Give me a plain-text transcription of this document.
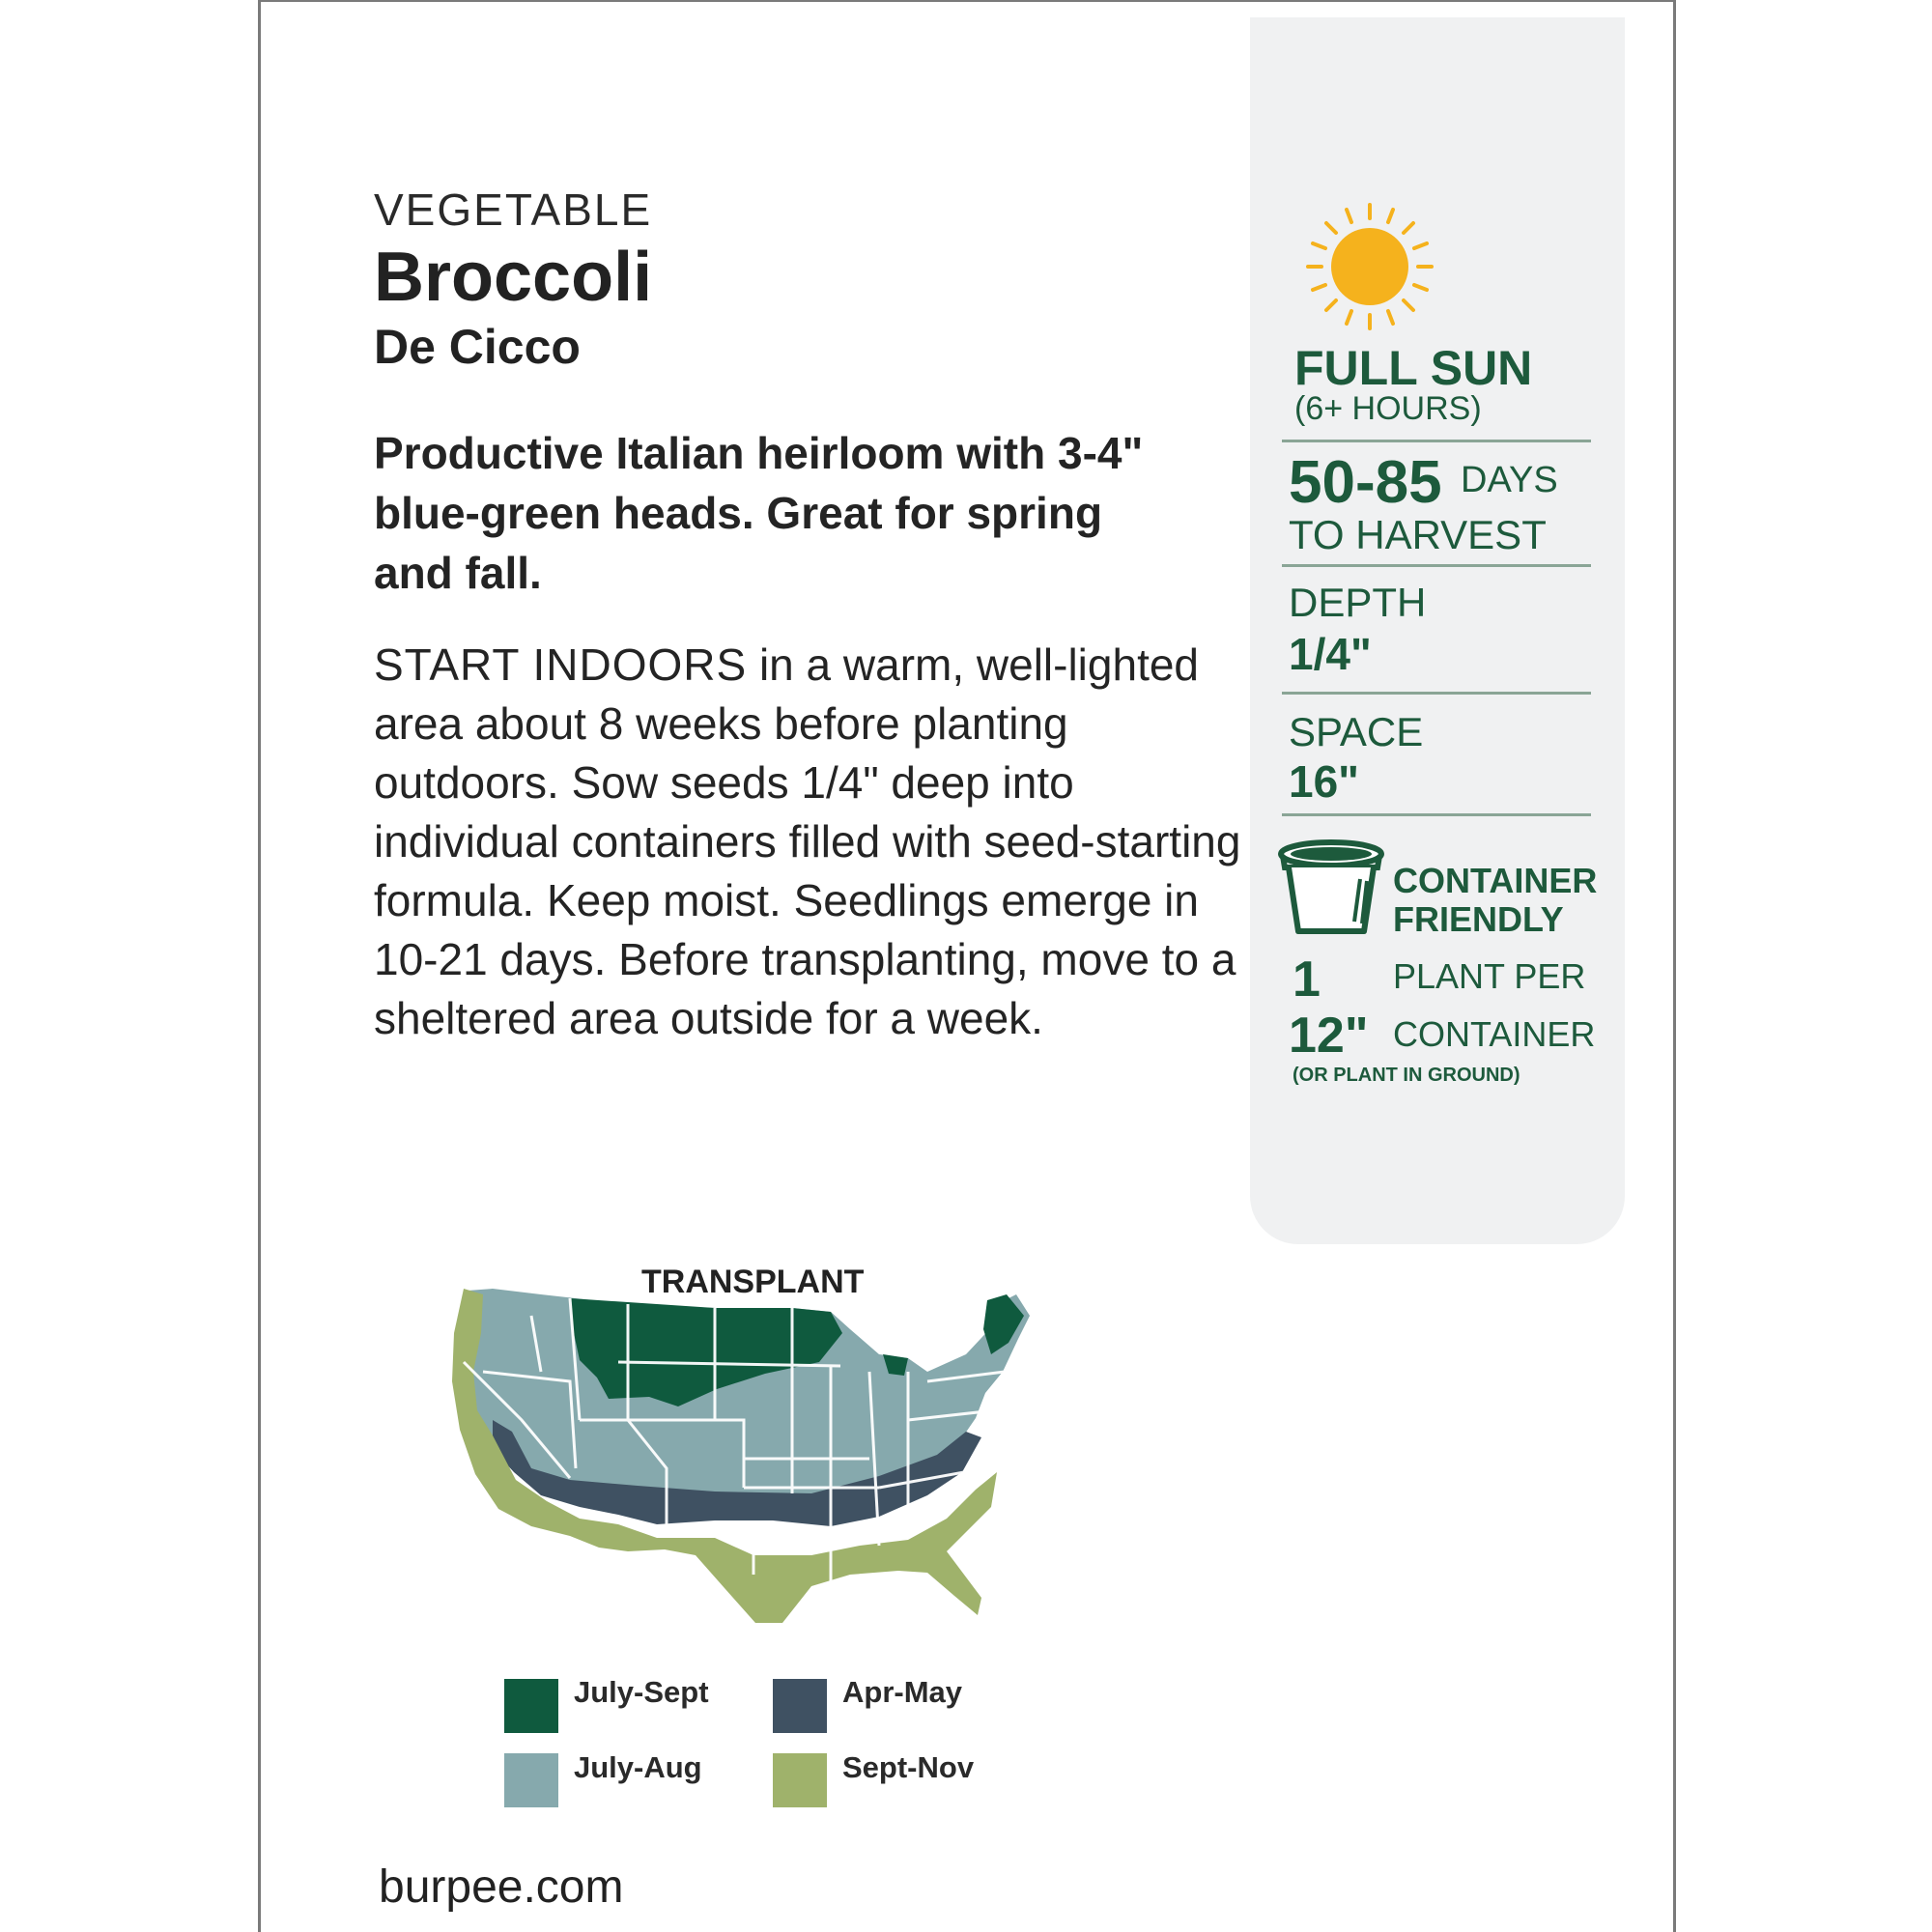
VEGETABLE
Broccoli
De Cicco

Productive Italian heirloom with 3-4" blue-green heads. Great for spring and fall.

START INDOORS in a warm, well-lighted area about 8 weeks before planting outdoors. Sow seeds 1/4" deep into individual containers filled with seed-starting formula. Keep moist. Seedlings emerge in 10-21 days. Before transplanting, move to a sheltered area outside for a week.

FULL SUN
(6+ HOURS)
50-85 DAYS
TO HARVEST
DEPTH
1/4"
SPACE
16"
CONTAINER
FRIENDLY
1 PLANT PER
12" CONTAINER
(OR PLANT IN GROUND)
TRANSPLANT
July-Sept	Apr-May
July-Aug	Sept-Nov
burpee.com
